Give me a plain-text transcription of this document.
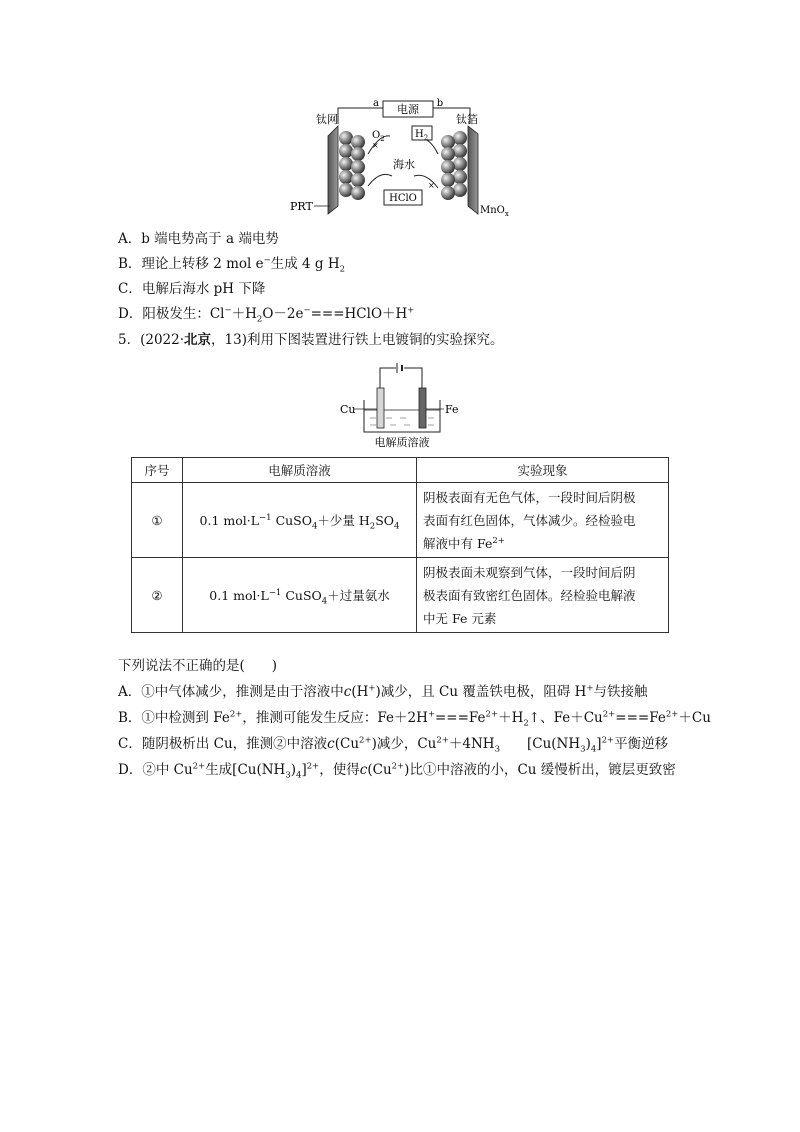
电源
a	b
钛网	钛箔
×
×
$O_2$	$H_2$
海水
HClO
PRT	MnO$_x$
A．b 端电势高于 a 端电势
B．理论上转移 2 mol e−生成 4 g $H_2$
C．电解后海水 pH 下降
D．阳极发生：$Cl^-+H_2O-2e^-===HClO+H^+$
5．(2022·北京，13)利用下图装置进行铁上电镀铜的实验探究。
Cu	Fe
电解质溶液
序号	电解质溶液	实验现象
①	0.1 $mol\cdot L^{-1}$ CuSO$_4$＋少量 $H_2SO_4$	阴极表面有无色气体，一段时间后阴极
表面有红色固体，气体减少。经检验电
解液中有 $Fe^{2+}$

②	0.1 $mol\cdot L^{-1}$ CuSO$_4$＋过量氨水	阴极表面未观察到气体，一段时间后阴
极表面有致密红色固体。经检验电解液
中无 Fe 元素
下列说法不正确的是(　　)
A．①中气体减少，推测是由于溶液中c(H+)减少，且 Cu 覆盖铁电极，阻碍 H+与铁接触
B．①中检测到 $Fe^{2+}$，推测可能发生反应：$Fe+2H^+===Fe^{2+}+H_2↑$、$Fe+Cu^{2+}===Fe^{2+}+Cu$
C．随阴极析出 Cu，推测②中溶液$c(Cu^{2+})$减少，$Cu^{2+}+4NH_3$　　 $[Cu(NH_3)_4]^{2+}$平衡逆移
D．②中 $Cu^{2+}$生成$[Cu(NH_3)_4]^{2+}$，使得$c(Cu^{2+})$比①中溶液的小，Cu 缓慢析出，镀层更致密
